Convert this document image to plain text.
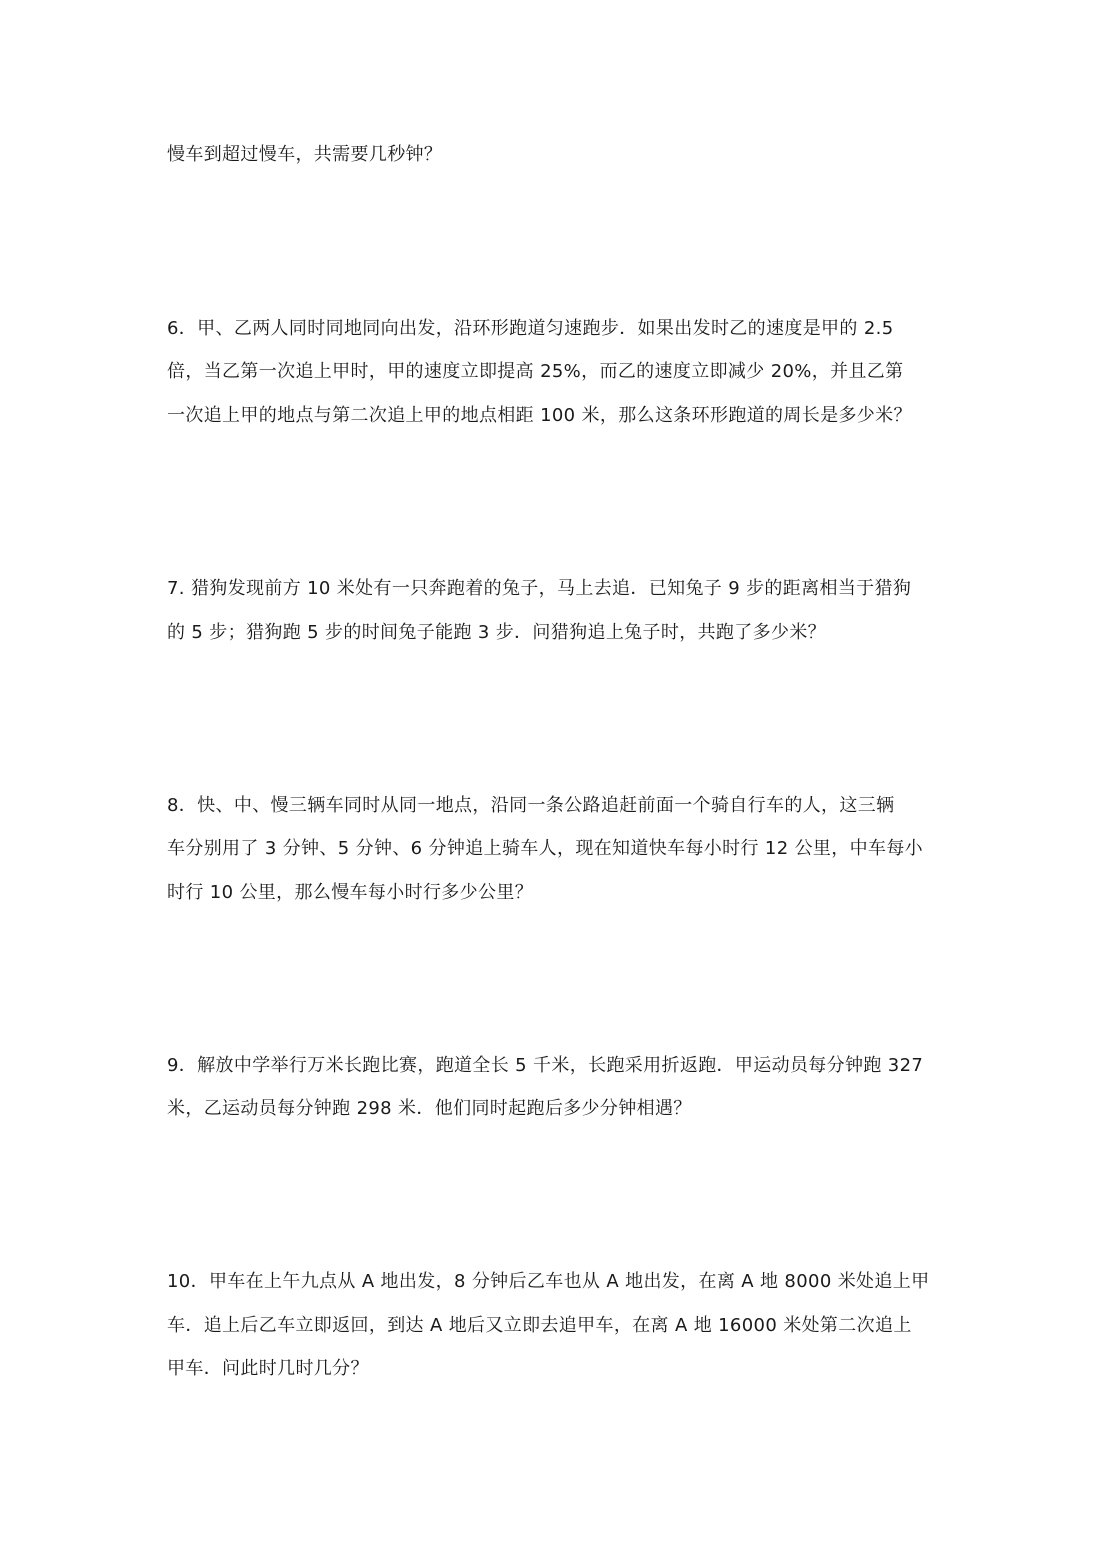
慢车到超过慢车，共需要几秒钟？
6．甲、乙两人同时同地同向出发，沿环形跑道匀速跑步．如果出发时乙的速度是甲的 2.5
倍，当乙第一次追上甲时，甲的速度立即提高 25%，而乙的速度立即减少 20%，并且乙第
一次追上甲的地点与第二次追上甲的地点相距 100 米，那么这条环形跑道的周长是多少米？
7. 猎狗发现前方 10 米处有一只奔跑着的兔子，马上去追．已知兔子 9 步的距离相当于猎狗
的 5 步；猎狗跑 5 步的时间兔子能跑 3 步．问猎狗追上兔子时，共跑了多少米？
8．快、中、慢三辆车同时从同一地点，沿同一条公路追赶前面一个骑自行车的人，这三辆
车分别用了 3 分钟、5 分钟、6 分钟追上骑车人，现在知道快车每小时行 12 公里，中车每小
时行 10 公里，那么慢车每小时行多少公里？
9．解放中学举行万米长跑比赛，跑道全长 5 千米，长跑采用折返跑．甲运动员每分钟跑 327
米，乙运动员每分钟跑 298 米．他们同时起跑后多少分钟相遇？
10．甲车在上午九点从 A 地出发，8 分钟后乙车也从 A 地出发，在离 A 地 8000 米处追上甲
车．追上后乙车立即返回，到达 A 地后又立即去追甲车，在离 A 地 16000 米处第二次追上
甲车．问此时几时几分？
